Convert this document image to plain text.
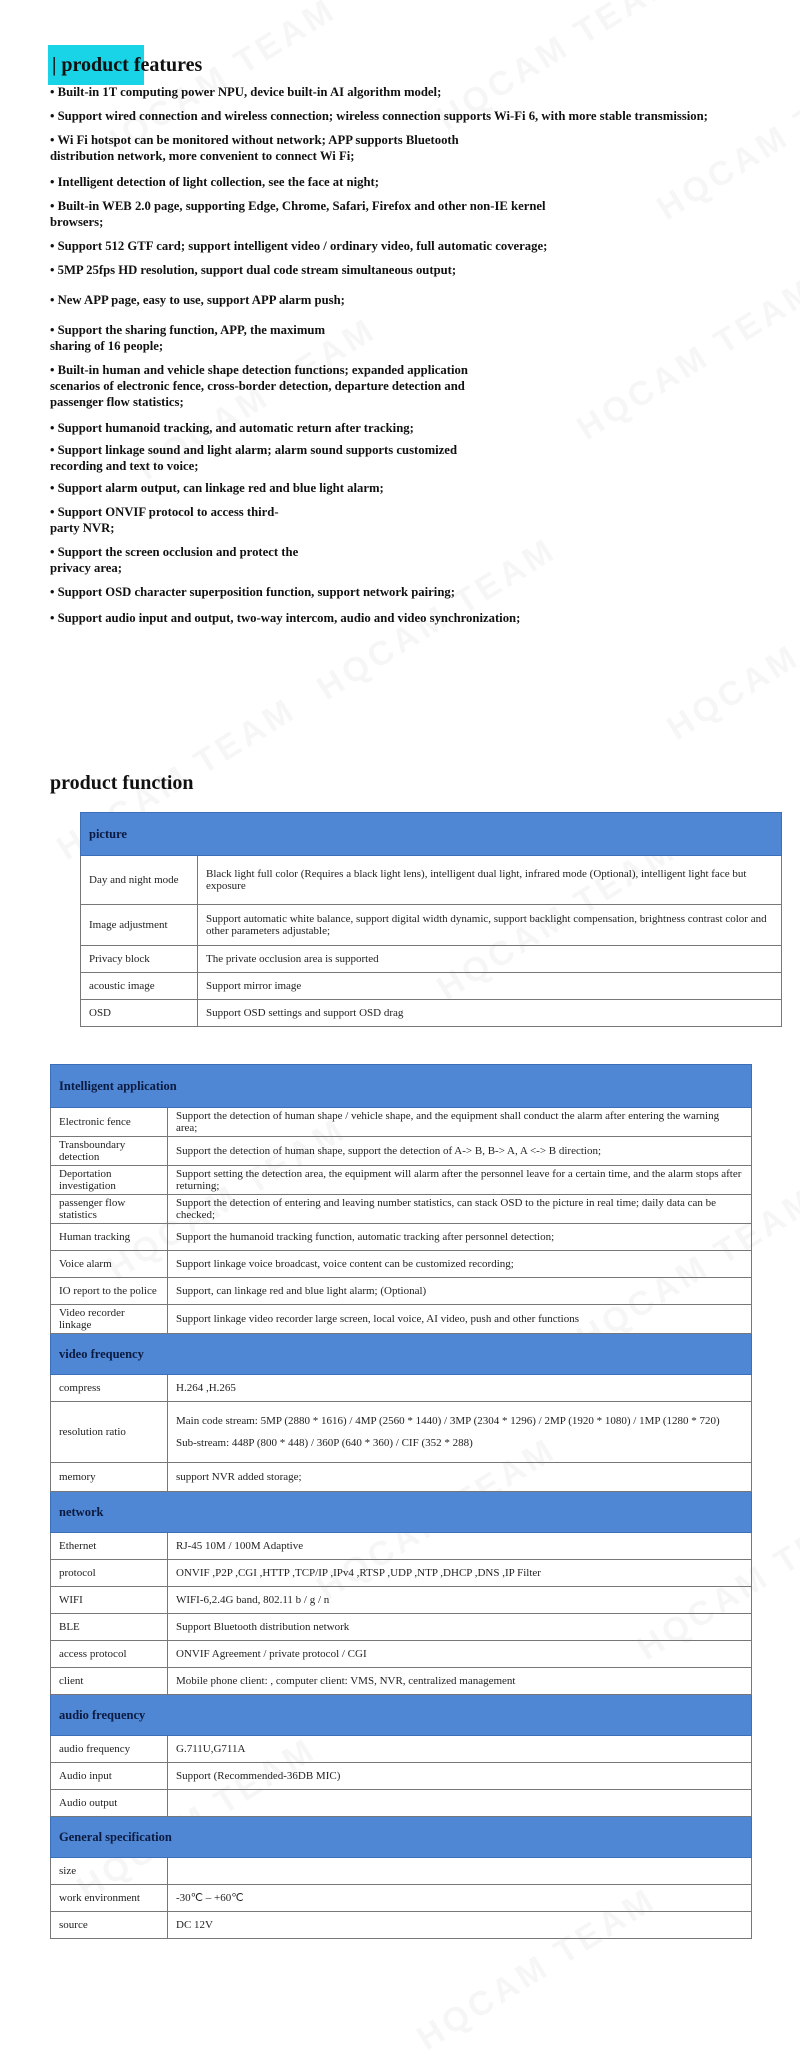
| product features
• Built-in 1T computing power NPU, device built-in AI algorithm model;
• Support wired connection and wireless connection; wireless connection supports Wi-Fi 6, with more stable transmission;
• Wi Fi hotspot can be monitored without network; APP supports Bluetooth
distribution network, more convenient to connect Wi Fi;
• Intelligent detection of light collection, see the face at night;
• Built-in WEB 2.0 page, supporting Edge, Chrome, Safari, Firefox and other non-IE kernel
browsers;
• Support 512 GTF card; support intelligent video / ordinary video, full automatic coverage;
• 5MP 25fps HD resolution, support dual code stream simultaneous output;
• New APP page, easy to use, support APP alarm push;
• Support the sharing function, APP, the maximum
sharing of 16 people;
• Built-in human and vehicle shape detection functions; expanded application
scenarios of electronic fence, cross-border detection, departure detection and
passenger flow statistics;
• Support humanoid tracking, and automatic return after tracking;
• Support linkage sound and light alarm; alarm sound supports customized
recording and text to voice;
• Support alarm output, can linkage red and blue light alarm;
• Support ONVIF protocol to access third-
party NVR;
• Support the screen occlusion and protect the
privacy area;
• Support OSD character superposition function, support network pairing;
• Support audio input and output, two-way intercom, audio and video synchronization;
product function
picture	
Day and night mode	Black light full color (Requires a black light lens), intelligent dual light, infrared mode (Optional), intelligent light face but exposure
Image adjustment	Support automatic white balance, support digital width dynamic, support backlight compensation, brightness contrast color and other parameters adjustable;
Privacy block	The private occlusion area is supported
acoustic image	Support mirror image
OSD	Support OSD settings and support OSD drag
Intelligent application	
Electronic fence	Support the detection of human shape / vehicle shape, and the equipment shall conduct the alarm after entering the warning area;
Transboundary detection	Support the detection of human shape, support the detection of A-> B, B-> A, A <-> B direction;
Deportation investigation	Support setting the detection area, the equipment will alarm after the personnel leave for a certain time, and the alarm stops after returning;
passenger flow statistics	Support the detection of entering and leaving number statistics, can stack OSD to the picture in real time; daily data can be checked;
Human tracking	Support the humanoid tracking function, automatic tracking after personnel detection;
Voice alarm	Support linkage voice broadcast, voice content can be customized recording;
IO report to the police	Support, can linkage red and blue light alarm; (Optional)
Video recorder linkage	Support linkage video recorder large screen, local voice, AI video, push and other functions
video frequency	
compress	H.264 ,H.265
resolution ratio	Main code stream: 5MP (2880 * 1616) / 4MP (2560 * 1440) / 3MP (2304 * 1296) / 2MP (1920 * 1080) / 1MP (1280 * 720)
Sub-stream: 448P (800 * 448) / 360P (640 * 360) / CIF (352 * 288)

memory	support NVR added storage;
network	
Ethernet	RJ-45 10M / 100M Adaptive
protocol	ONVIF ,P2P ,CGI ,HTTP ,TCP/IP ,IPv4 ,RTSP ,UDP ,NTP ,DHCP ,DNS ,IP Filter
WIFI	WIFI-6,2.4G band, 802.11 b / g / n
BLE	Support Bluetooth distribution network
access protocol	ONVIF Agreement / private protocol / CGI
client	Mobile phone client: , computer client: VMS, NVR, centralized management
audio frequency	
audio frequency	G.711U,G711A
Audio input	Support (Recommended-36DB MIC)
Audio output	
General specification	
size	
work environment	-30℃ – +60℃
source	DC 12V
